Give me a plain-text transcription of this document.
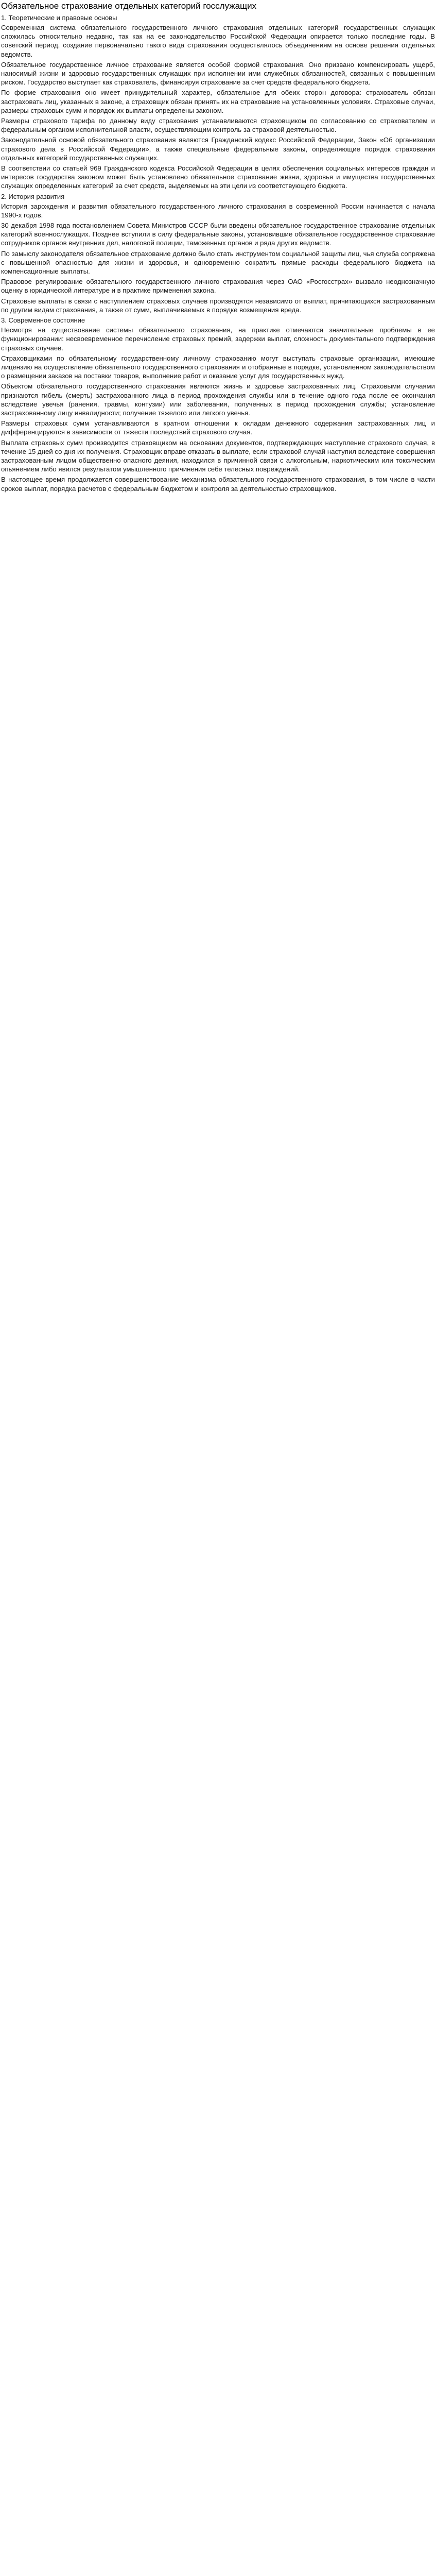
Обязательное страхование отдельных категорий госслужащих
1. Теоретические и правовые основы

Современная система обязательного государственного личного страхования отдельных категорий государственных служащих сложилась относительно недавно, так как на ее законодательство Российской Федерации опирается только последние годы. В советский период, создание первоначально такого вида страхования осуществлялось объединениям на основе решения отдельных ведомств.

Обязательное государственное личное страхование является особой формой страхования. Оно призвано компенсировать ущерб, наносимый жизни и здоровью государственных служащих при исполнении ими служебных обязанностей, связанных с повышенным риском. Государство выступает как страхователь, финансируя страхование за счет средств федерального бюджета.

По форме страхования оно имеет принудительный характер, обязательное для обеих сторон договора: страхователь обязан застраховать лиц, указанных в законе, а страховщик обязан принять их на страхование на установленных условиях. Страховые случаи, размеры страховых сумм и порядок их выплаты определены законом.

Размеры страхового тарифа по данному виду страхования устанавливаются страховщиком по согласованию со страхователем и федеральным органом исполнительной власти, осуществляющим контроль за страховой деятельностью.

Законодательной основой обязательного страхования являются Гражданский кодекс Российской Федерации, Закон «Об организации страхового дела в Российской Федерации», а также специальные федеральные законы, определяющие порядок страхования отдельных категорий государственных служащих.

В соответствии со статьей 969 Гражданского кодекса Российской Федерации в целях обеспечения социальных интересов граждан и интересов государства законом может быть установлено обязательное страхование жизни, здоровья и имущества государственных служащих определенных категорий за счет средств, выделяемых на эти цели из соответствующего бюджета.

2. История развития

История зарождения и развития обязательного государственного личного страхования в современной России начинается с начала 1990-х годов.

30 декабря 1998 года постановлением Совета Министров СССР были введены обязательное государственное страхование отдельных категорий военнослужащих. Позднее вступили в силу федеральные законы, установившие обязательное государственное страхование сотрудников органов внутренних дел, налоговой полиции, таможенных органов и ряда других ведомств.

По замыслу законодателя обязательное страхование должно было стать инструментом социальной защиты лиц, чья служба сопряжена с повышенной опасностью для жизни и здоровья, и одновременно сократить прямые расходы федерального бюджета на компенсационные выплаты.

Правовое регулирование обязательного государственного личного страхования через ОАО «Росгосстрах» вызвало неоднозначную оценку в юридической литературе и в практике применения закона.

Страховые выплаты в связи с наступлением страховых случаев производятся независимо от выплат, причитающихся застрахованным по другим видам страхования, а также от сумм, выплачиваемых в порядке возмещения вреда.

3. Современное состояние

Несмотря на существование системы обязательного страхования, на практике отмечаются значительные проблемы в ее функционировании: несвоевременное перечисление страховых премий, задержки выплат, сложность документального подтверждения страховых случаев.

Страховщиками по обязательному государственному личному страхованию могут выступать страховые организации, имеющие лицензию на осуществление обязательного государственного страхования и отобранные в порядке, установленном законодательством о размещении заказов на поставки товаров, выполнение работ и оказание услуг для государственных нужд.

Объектом обязательного государственного страхования являются жизнь и здоровье застрахованных лиц. Страховыми случаями признаются гибель (смерть) застрахованного лица в период прохождения службы или в течение одного года после ее окончания вследствие увечья (ранения, травмы, контузии) или заболевания, полученных в период прохождения службы; установление застрахованному лицу инвалидности; получение тяжелого или легкого увечья.

Размеры страховых сумм устанавливаются в кратном отношении к окладам денежного содержания застрахованных лиц и дифференцируются в зависимости от тяжести последствий страхового случая.

Выплата страховых сумм производится страховщиком на основании документов, подтверждающих наступление страхового случая, в течение 15 дней со дня их получения. Страховщик вправе отказать в выплате, если страховой случай наступил вследствие совершения застрахованным лицом общественно опасного деяния, находился в причинной связи с алкогольным, наркотическим или токсическим опьянением либо явился результатом умышленного причинения себе телесных повреждений.

В настоящее время продолжается совершенствование механизма обязательного государственного страхования, в том числе в части сроков выплат, порядка расчетов с федеральным бюджетом и контроля за деятельностью страховщиков.
